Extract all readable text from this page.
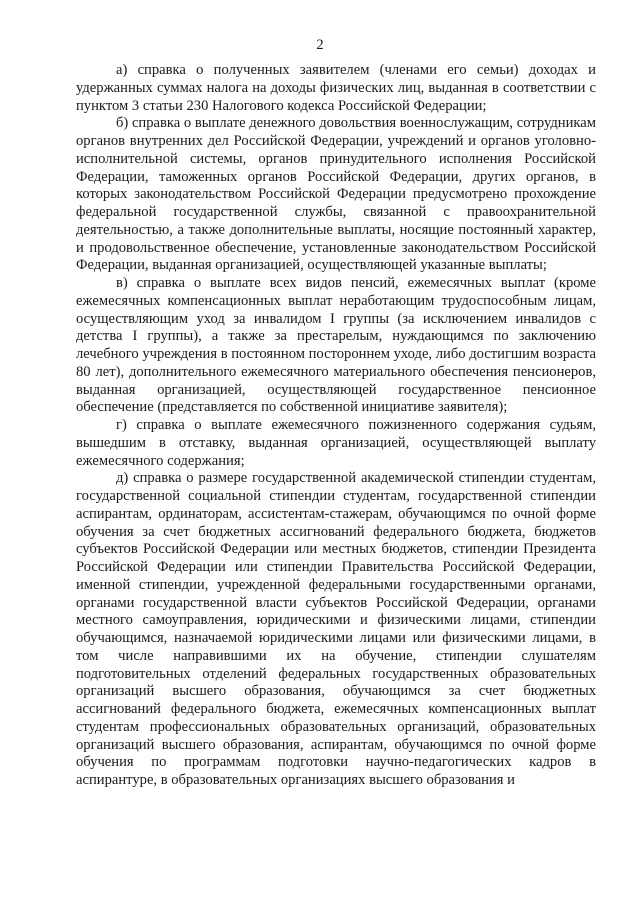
2

а) справка о полученных заявителем (членами его семьи) доходах и удержанных суммах налога на доходы физических лиц, выданная в соответствии с пунктом 3 статьи 230 Налогового кодекса Российской Федерации;

б) справка о выплате денежного довольствия военнослужащим, сотрудникам органов внутренних дел Российской Федерации, учреждений и органов уголовно-исполнительной системы, органов принудительного исполнения Российской Федерации, таможенных органов Российской Федерации, других органов, в которых законодательством Российской Федерации предусмотрено прохождение федеральной государственной службы, связанной с правоохранительной деятельностью, а также дополнительные выплаты, носящие постоянный характер, и продовольственное обеспечение, установленные законодательством Российской Федерации, выданная организацией, осуществляющей указанные выплаты;

в) справка о выплате всех видов пенсий, ежемесячных выплат (кроме ежемесячных компенсационных выплат неработающим трудоспособным лицам, осуществляющим уход за инвалидом I группы (за исключением инвалидов с детства I группы), а также за престарелым, нуждающимся по заключению лечебного учреждения в постоянном постороннем уходе, либо достигшим возраста 80 лет), дополнительного ежемесячного материального обеспечения пенсионеров, выданная организацией, осуществляющей государственное пенсионное обеспечение (представляется по собственной инициативе заявителя);

г) справка о выплате ежемесячного пожизненного содержания судьям, вышедшим в отставку, выданная организацией, осуществляющей выплату ежемесячного содержания;

д) справка о размере государственной академической стипендии студентам, государственной социальной стипендии студентам, государственной стипендии аспирантам, ординаторам, ассистентам-стажерам, обучающимся по очной форме обучения за счет бюджетных ассигнований федерального бюджета, бюджетов субъектов Российской Федерации или местных бюджетов, стипендии Президента Российской Федерации или стипендии Правительства Российской Федерации, именной стипендии, учрежденной федеральными государственными органами, органами государственной власти субъектов Российской Федерации, органами местного самоуправления, юридическими и физическими лицами, стипендии обучающимся, назначаемой юридическими лицами или физическими лицами, в том числе направившими их на обучение, стипендии слушателям подготовительных отделений федеральных государственных образовательных организаций высшего образования, обучающимся за счет бюджетных ассигнований федерального бюджета, ежемесячных компенсационных выплат студентам профессиональных образовательных организаций, образовательных организаций высшего образования, аспирантам, обучающимся по очной форме обучения по программам подготовки научно-педагогических кадров в аспирантуре, в образовательных организациях высшего образования и
